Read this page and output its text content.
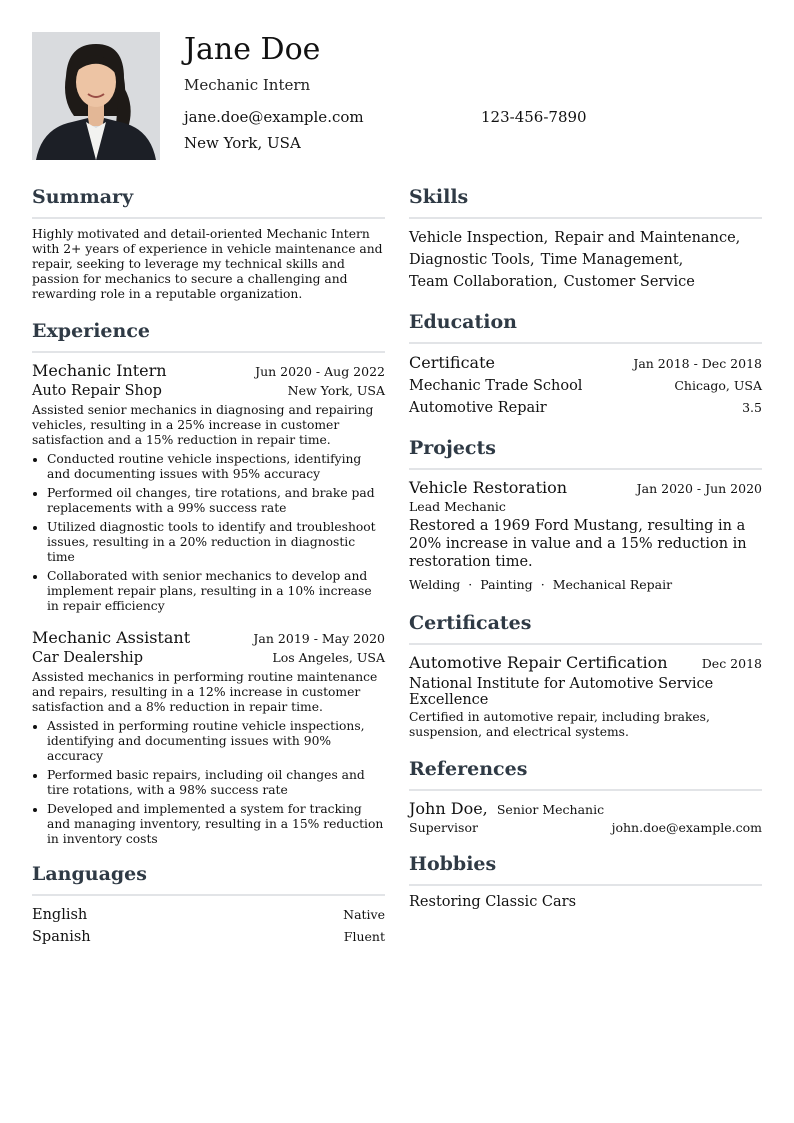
Jane Doe
Mechanic Intern
jane.doe@example.com	123-456-7890
New York, USA
Summary
Highly motivated and detail-oriented Mechanic Intern with 2+ years of experience in vehicle maintenance and repair, seeking to leverage my technical skills and passion for mechanics to secure a challenging and rewarding role in a reputable organization.
Experience
Mechanic Intern	Jun 2020 - Aug 2022
Auto Repair Shop	New York, USA
Assisted senior mechanics in diagnosing and repairing vehicles, resulting in a 25% increase in customer satisfaction and a 15% reduction in repair time.
• Conducted routine vehicle inspections, identifying and documenting issues with 95% accuracy
• Performed oil changes, tire rotations, and brake pad replacements with a 99% success rate
• Utilized diagnostic tools to identify and troubleshoot issues, resulting in a 20% reduction in diagnostic time
• Collaborated with senior mechanics to develop and implement repair plans, resulting in a 10% increase in repair efficiency
Mechanic Assistant	Jan 2019 - May 2020
Car Dealership	Los Angeles, USA
Assisted mechanics in performing routine maintenance and repairs, resulting in a 12% increase in customer satisfaction and a 8% reduction in repair time.
• Assisted in performing routine vehicle inspections, identifying and documenting issues with 90% accuracy
• Performed basic repairs, including oil changes and tire rotations, with a 98% success rate
• Developed and implemented a system for tracking and managing inventory, resulting in a 15% reduction in inventory costs
Languages
English	Native
Spanish	Fluent
Skills
Vehicle Inspection, Repair and Maintenance,
Diagnostic Tools, Time Management,
Team Collaboration, Customer Service
Education
Certificate	Jan 2018 - Dec 2018
Mechanic Trade School	Chicago, USA
Automotive Repair	3.5
Projects
Vehicle Restoration	Jan 2020 - Jun 2020
Lead Mechanic
Restored a 1969 Ford Mustang, resulting in a 20% increase in value and a 15% reduction in restoration time.
Welding · Painting · Mechanical Repair
Certificates
Automotive Repair Certification	Dec 2018
National Institute for Automotive Service Excellence
Certified in automotive repair, including brakes, suspension, and electrical systems.
References
John Doe, Senior Mechanic
Supervisor	john.doe@example.com
Hobbies
Restoring Classic Cars
